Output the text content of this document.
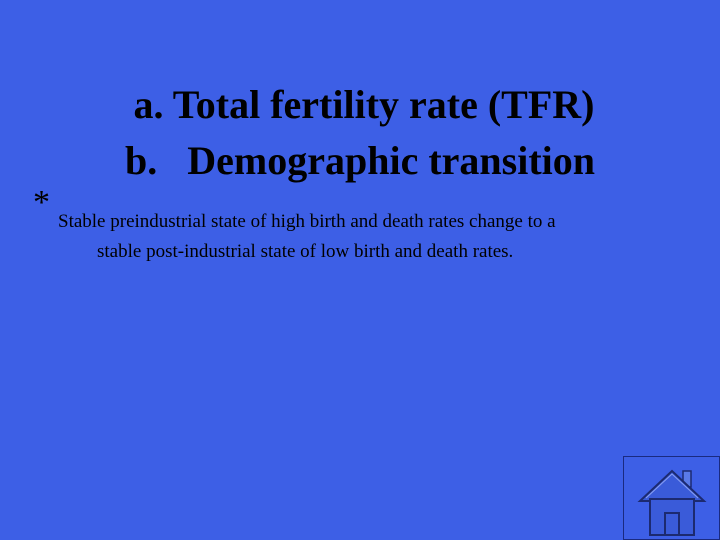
a. Total fertility rate (TFR)
b.   Demographic transition
*
Stable preindustrial state of high birth and death rates change to a
stable post-industrial state of low birth and death rates.
